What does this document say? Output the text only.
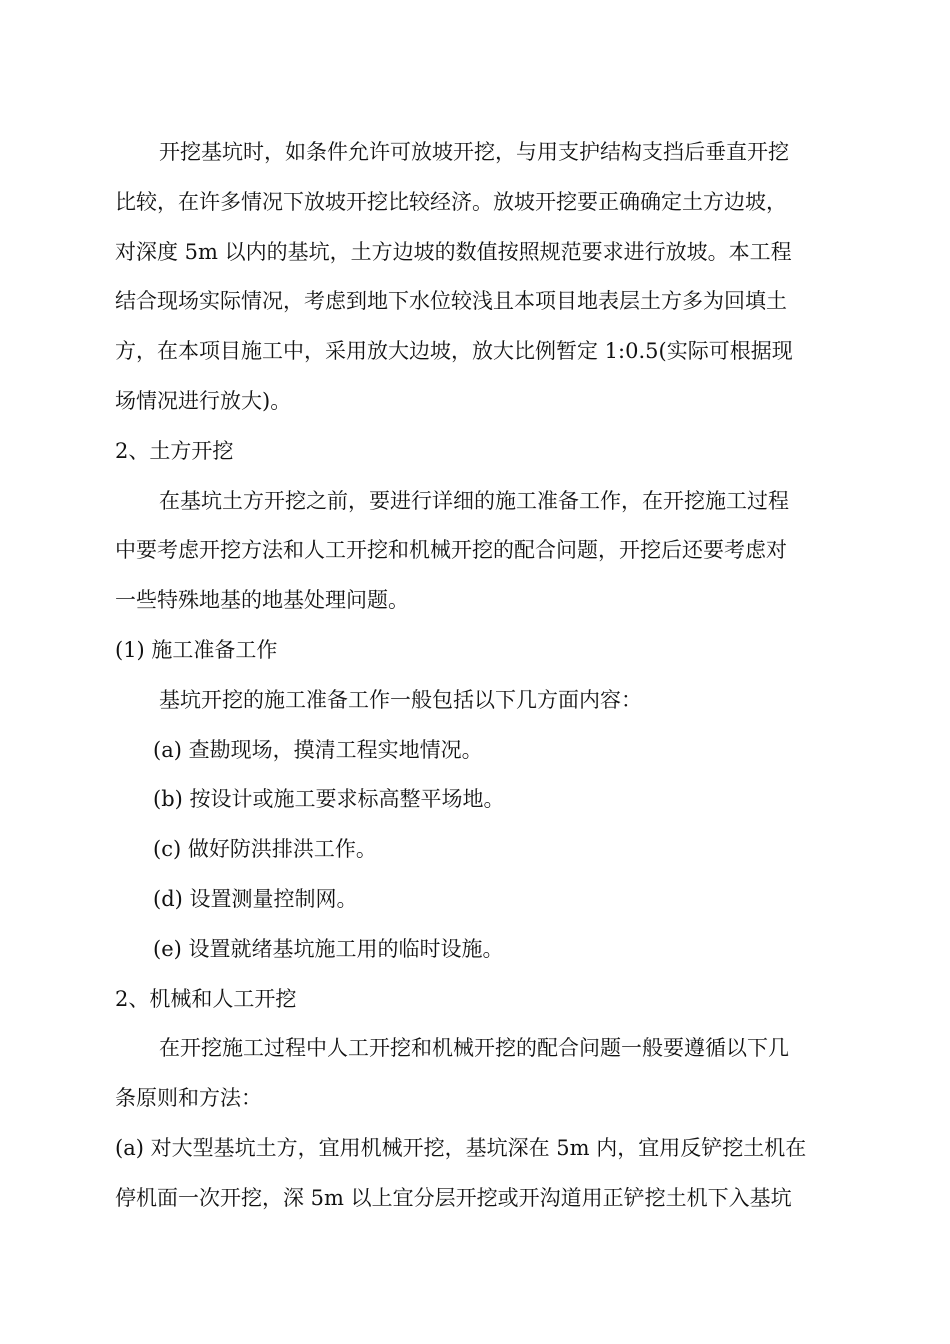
开挖基坑时，如条件允许可放坡开挖，与用支护结构支挡后垂直开挖
比较，在许多情况下放坡开挖比较经济。放坡开挖要正确确定土方边坡，
对深度 5m 以内的基坑，土方边坡的数值按照规范要求进行放坡。本工程
结合现场实际情况，考虑到地下水位较浅且本项目地表层土方多为回填土
方，在本项目施工中，采用放大边坡，放大比例暂定 1:0.5(实际可根据现
场情况进行放大)。
2、土方开挖
在基坑土方开挖之前，要进行详细的施工准备工作，在开挖施工过程
中要考虑开挖方法和人工开挖和机械开挖的配合问题，开挖后还要考虑对
一些特殊地基的地基处理问题。
(1) 施工准备工作
基坑开挖的施工准备工作一般包括以下几方面内容：
(a) 查勘现场，摸清工程实地情况。
(b) 按设计或施工要求标高整平场地。
(c) 做好防洪排洪工作。
(d) 设置测量控制网。
(e) 设置就绪基坑施工用的临时设施。
2、机械和人工开挖
在开挖施工过程中人工开挖和机械开挖的配合问题一般要遵循以下几
条原则和方法：
(a) 对大型基坑土方，宜用机械开挖，基坑深在 5m 内，宜用反铲挖土机在
停机面一次开挖，深 5m 以上宜分层开挖或开沟道用正铲挖土机下入基坑
